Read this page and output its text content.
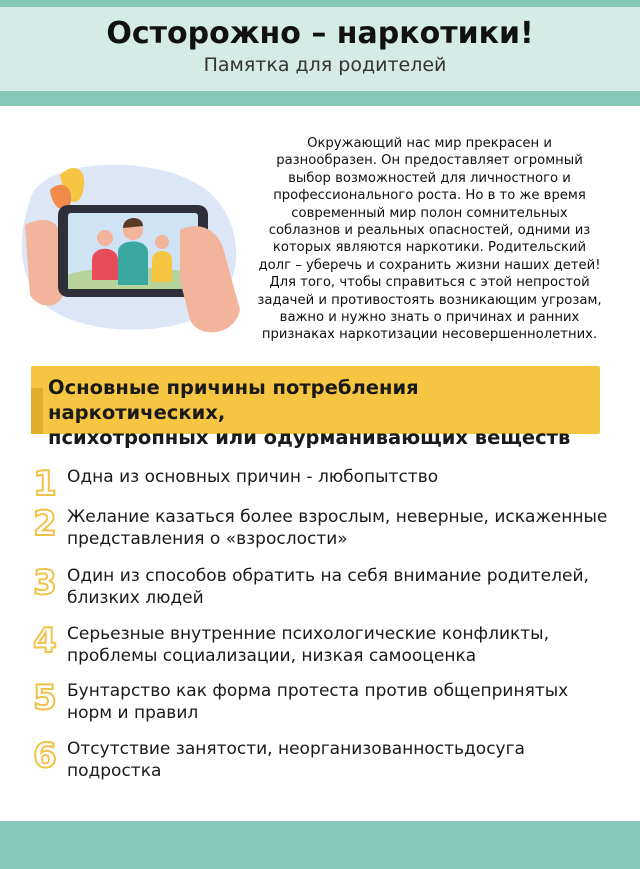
Осторожно – наркотики!
Памятка для родителей
Окружающий нас мир прекрасен и разнообразен. Он предоставляет огромный выбор возможностей для личностного и профессионального роста. Но в то же время современный мир полон сомнительных соблазнов и реальных опасностей, одними из которых являются наркотики. Родительский долг – уберечь и сохранить жизни наших детей! Для того, чтобы справиться с этой непростой задачей и противостоять возникающим угрозам, важно и нужно знать о причинах и ранних признаках наркотизации несовершеннолетних.
Основные причины потребления наркотических,
психотропных или одурманивающих веществ
1 Одна из основных причин - любопытство
2 Желание казаться более взрослым, неверные, искаженные
представления о «взрослости»
3 Один из способов обратить на себя внимание родителей,
близких людей
4 Серьезные внутренние психологические конфликты,
проблемы социализации, низкая самооценка
5 Бунтарство как форма протеста против общепринятых
норм и правил
6 Отсутствие занятости, неорганизованностьдосуга подростка
